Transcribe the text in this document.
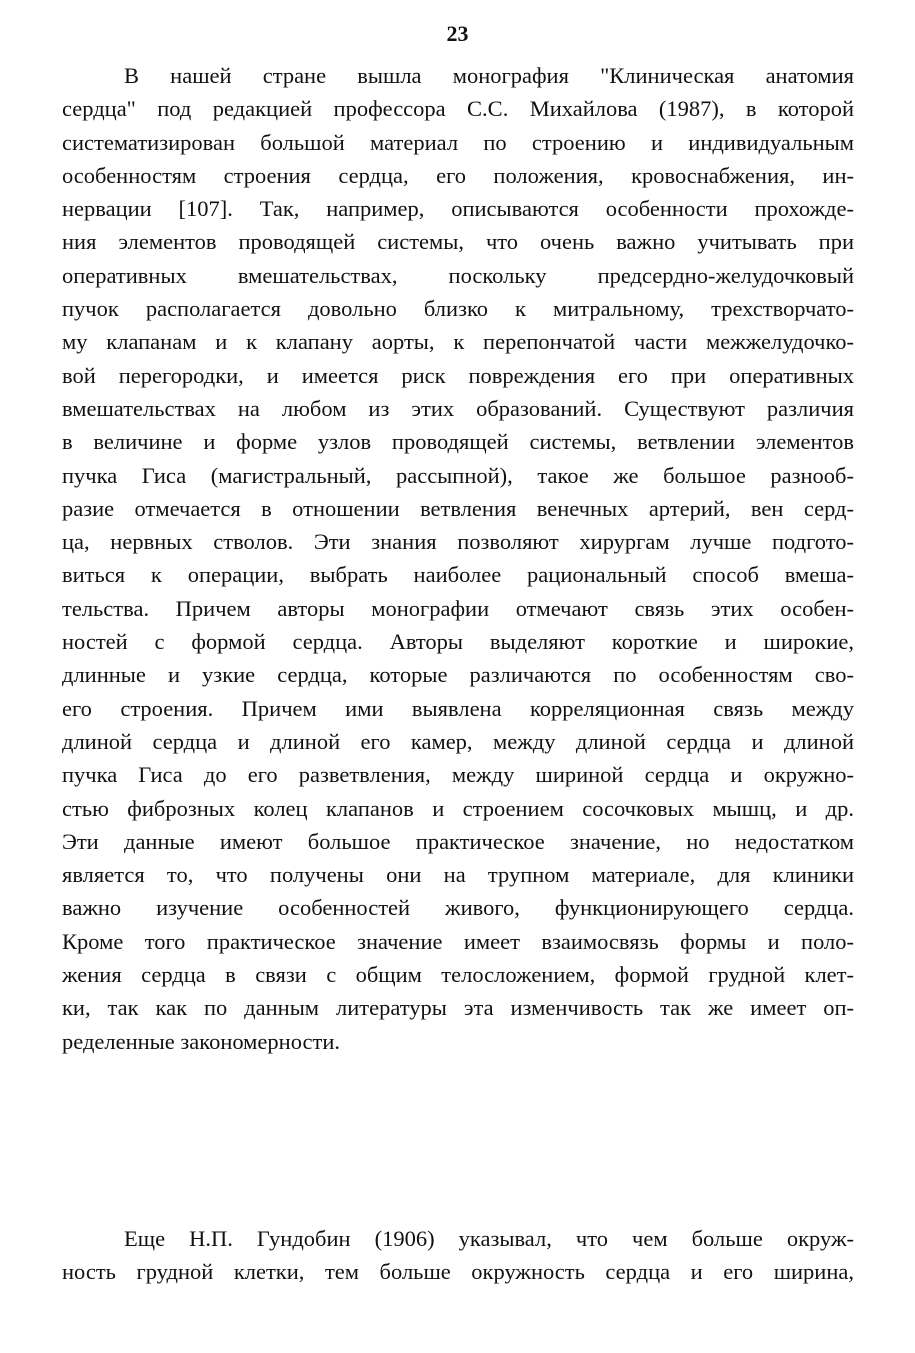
23
В нашей стране вышла монография "Клиническая анатомия
сердца" под редакцией профессора С.С. Михайлова (1987), в которой
систематизирован большой материал по строению и индивидуальным
особенностям строения сердца, его положения, кровоснабжения, ин-
нервации [107]. Так, например, описываются особенности прохожде-
ния элементов проводящей системы, что очень важно учитывать при
оперативных вмешательствах, поскольку предсердно-желудочковый
пучок располагается довольно близко к митральному, трехстворчато-
му клапанам и к клапану аорты, к перепончатой части межжелудочко-
вой перегородки, и имеется риск повреждения его при оперативных
вмешательствах на любом из этих образований. Существуют различия
в величине и форме узлов проводящей системы, ветвлении элементов
пучка Гиса (магистральный, рассыпной), такое же большое разнооб-
разие отмечается в отношении ветвления венечных артерий, вен серд-
ца, нервных стволов. Эти знания позволяют хирургам лучше подгото-
виться к операции, выбрать наиболее рациональный способ вмеша-
тельства. Причем авторы монографии отмечают связь этих особен-
ностей с формой сердца. Авторы выделяют короткие и широкие,
длинные и узкие сердца, которые различаются по особенностям сво-
его строения. Причем ими выявлена корреляционная связь между
длиной сердца и длиной его камер, между длиной сердца и длиной
пучка Гиса до его разветвления, между шириной сердца и окружно-
стью фиброзных колец клапанов и строением сосочковых мышц, и др.
Эти данные имеют большое практическое значение, но недостатком
является то, что получены они на трупном материале, для клиники
важно изучение особенностей живого, функционирующего сердца.
Кроме того практическое значение имеет взаимосвязь формы и поло-
жения сердца в связи с общим телосложением, формой грудной клет-
ки, так как по данным литературы эта изменчивость так же имеет оп-
ределенные закономерности.
Еще Н.П. Гундобин (1906) указывал, что чем больше окруж-
ность грудной клетки, тем больше окружность сердца и его ширина,
